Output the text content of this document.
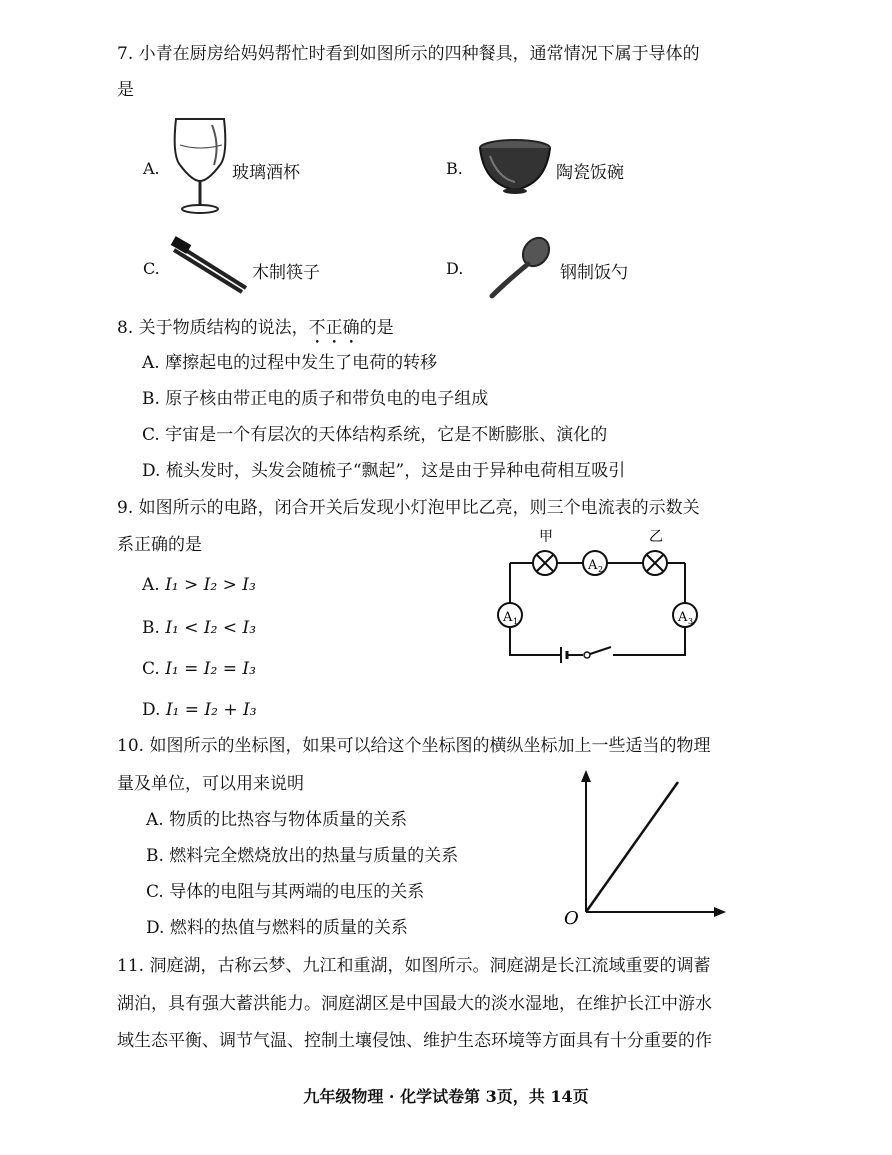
7. 小青在厨房给妈妈帮忙时看到如图所示的四种餐具，通常情况下属于导体的
是
A.	玻璃酒杯	B.	陶瓷饭碗
C.	木制筷子	D.	钢制饭勺
8. 关于物质结构的说法，不正确的是
A. 摩擦起电的过程中发生了电荷的转移
B. 原子核由带正电的质子和带负电的电子组成
C. 宇宙是一个有层次的天体结构系统，它是不断膨胀、演化的
D. 梳头发时，头发会随梳子“飘起”，这是由于异种电荷相互吸引
9. 如图所示的电路，闭合开关后发现小灯泡甲比乙亮，则三个电流表的示数关
系正确的是
A. I₁ > I₂ > I₃
B. I₁ < I₂ < I₃
C. I₁ = I₂ = I₃
D. I₁ = I₂ + I₃
甲
A 2
乙
A 1	A 3
10. 如图所示的坐标图，如果可以给这个坐标图的横纵坐标加上一些适当的物理
量及单位，可以用来说明
A. 物质的比热容与物体质量的关系
B. 燃料完全燃烧放出的热量与质量的关系
C. 导体的电阻与其两端的电压的关系
D. 燃料的热值与燃料的质量的关系	O
11. 洞庭湖，古称云梦、九江和重湖，如图所示。洞庭湖是长江流域重要的调蓄
湖泊，具有强大蓄洪能力。洞庭湖区是中国最大的淡水湿地，在维护长江中游水
域生态平衡、调节气温、控制土壤侵蚀、维护生态环境等方面具有十分重要的作
九年级物理 · 化学试卷第 3页，共 14页
